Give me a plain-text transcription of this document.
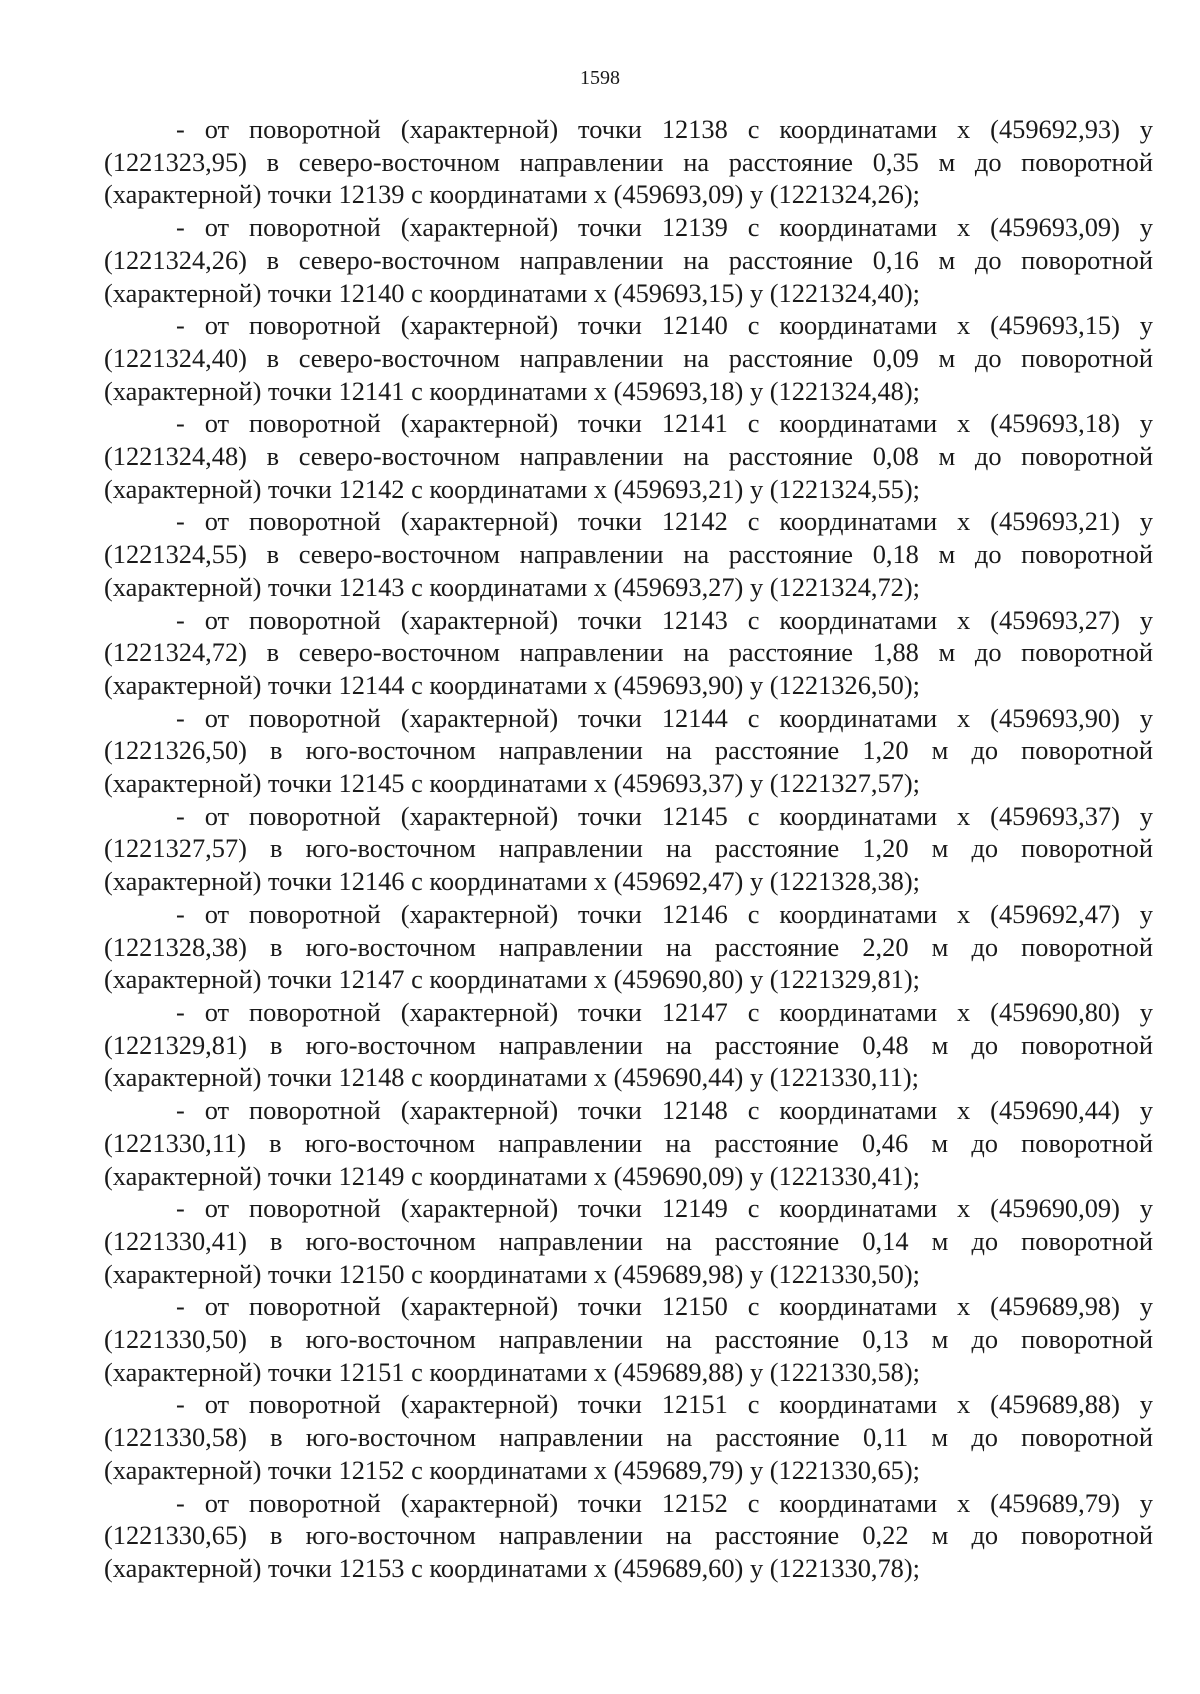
1598

- от поворотной (характерной) точки 12138 с координатами x (459692,93) y (1221323,95) в северо-восточном направлении на расстояние 0,35 м до поворотной (характерной) точки 12139 с координатами x (459693,09) y (1221324,26);

- от поворотной (характерной) точки 12139 с координатами x (459693,09) y (1221324,26) в северо-восточном направлении на расстояние 0,16 м до поворотной (характерной) точки 12140 с координатами x (459693,15) y (1221324,40);

- от поворотной (характерной) точки 12140 с координатами x (459693,15) y (1221324,40) в северо-восточном направлении на расстояние 0,09 м до поворотной (характерной) точки 12141 с координатами x (459693,18) y (1221324,48);

- от поворотной (характерной) точки 12141 с координатами x (459693,18) y (1221324,48) в северо-восточном направлении на расстояние 0,08 м до поворотной (характерной) точки 12142 с координатами x (459693,21) y (1221324,55);

- от поворотной (характерной) точки 12142 с координатами x (459693,21) y (1221324,55) в северо-восточном направлении на расстояние 0,18 м до поворотной (характерной) точки 12143 с координатами x (459693,27) y (1221324,72);

- от поворотной (характерной) точки 12143 с координатами x (459693,27) y (1221324,72) в северо-восточном направлении на расстояние 1,88 м до поворотной (характерной) точки 12144 с координатами x (459693,90) y (1221326,50);

- от поворотной (характерной) точки 12144 с координатами x (459693,90) y (1221326,50) в юго-восточном направлении на расстояние 1,20 м до поворотной (характерной) точки 12145 с координатами x (459693,37) y (1221327,57);

- от поворотной (характерной) точки 12145 с координатами x (459693,37) y (1221327,57) в юго-восточном направлении на расстояние 1,20 м до поворотной (характерной) точки 12146 с координатами x (459692,47) y (1221328,38);

- от поворотной (характерной) точки 12146 с координатами x (459692,47) y (1221328,38) в юго-восточном направлении на расстояние 2,20 м до поворотной (характерной) точки 12147 с координатами x (459690,80) y (1221329,81);

- от поворотной (характерной) точки 12147 с координатами x (459690,80) y (1221329,81) в юго-восточном направлении на расстояние 0,48 м до поворотной (характерной) точки 12148 с координатами x (459690,44) y (1221330,11);

- от поворотной (характерной) точки 12148 с координатами x (459690,44) y (1221330,11) в юго-восточном направлении на расстояние 0,46 м до поворотной (характерной) точки 12149 с координатами x (459690,09) y (1221330,41);

- от поворотной (характерной) точки 12149 с координатами x (459690,09) y (1221330,41) в юго-восточном направлении на расстояние 0,14 м до поворотной (характерной) точки 12150 с координатами x (459689,98) y (1221330,50);

- от поворотной (характерной) точки 12150 с координатами x (459689,98) y (1221330,50) в юго-восточном направлении на расстояние 0,13 м до поворотной (характерной) точки 12151 с координатами x (459689,88) y (1221330,58);

- от поворотной (характерной) точки 12151 с координатами x (459689,88) y (1221330,58) в юго-восточном направлении на расстояние 0,11 м до поворотной (характерной) точки 12152 с координатами x (459689,79) y (1221330,65);

- от поворотной (характерной) точки 12152 с координатами x (459689,79) y (1221330,65) в юго-восточном направлении на расстояние 0,22 м до поворотной (характерной) точки 12153 с координатами x (459689,60) y (1221330,78);
